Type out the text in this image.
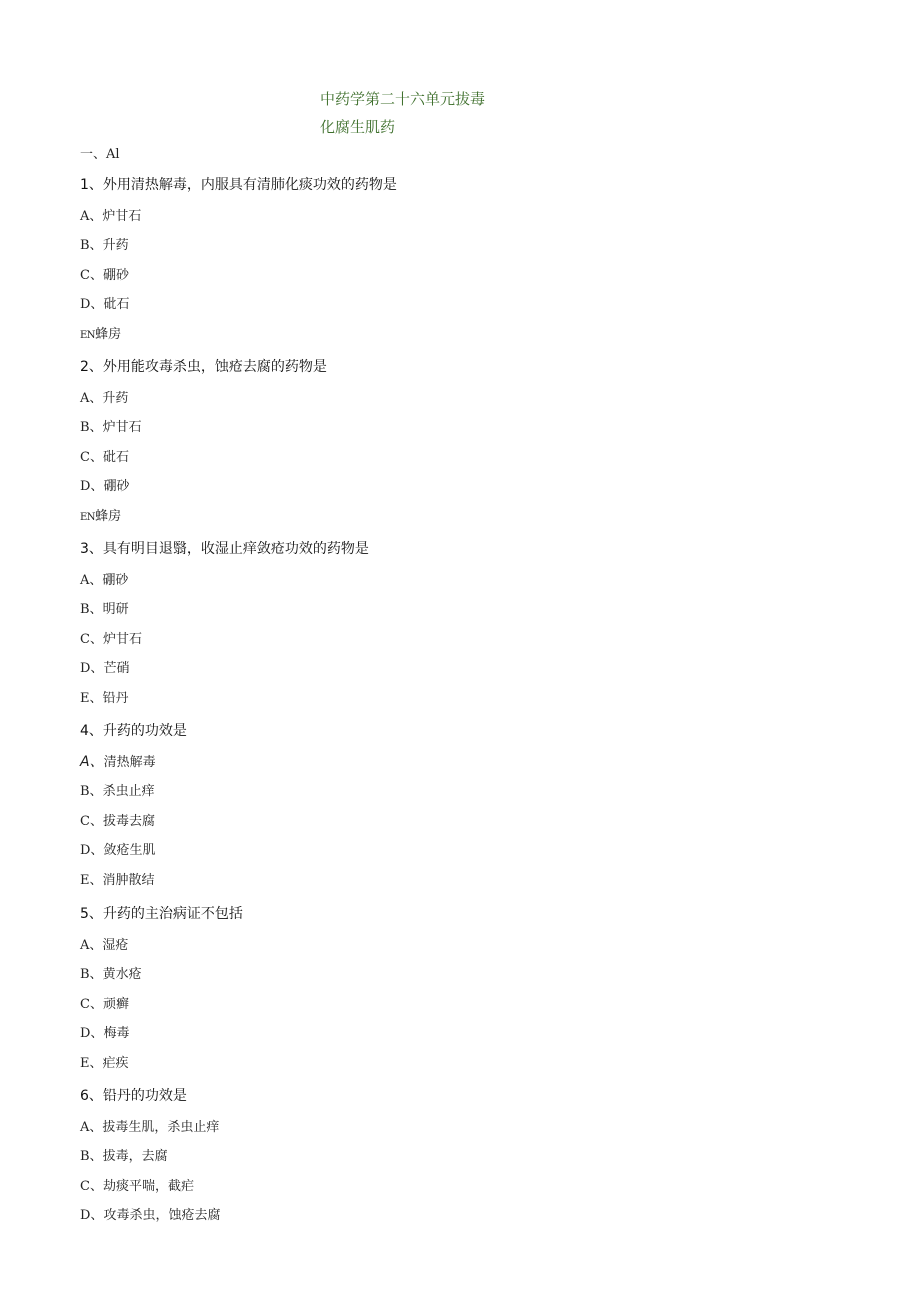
中药学第二十六单元拔毒
化腐生肌药
一、Al
1、外用清热解毒，内服具有清肺化痰功效的药物是
A、炉甘石
B、升药
C、硼砂
D、砒石
EN蜂房
2、外用能攻毒杀虫，蚀疮去腐的药物是
A、升药
B、炉甘石
C、砒石
D、硼砂
EN蜂房
3、具有明目退翳，收湿止痒敛疮功效的药物是
A、硼砂
B、明研
C、炉甘石
D、芒硝
E、铅丹
4、升药的功效是
A、清热解毒
B、杀虫止痒
C、拔毒去腐
D、敛疮生肌
E、消肿散结
5、升药的主治病证不包括
A、湿疮
B、黄水疮
C、顽癣
D、梅毒
E、疟疾
6、铅丹的功效是
A、拔毒生肌，杀虫止痒
B、拔毒，去腐
C、劫痰平喘，截疟
D、攻毒杀虫，蚀疮去腐
